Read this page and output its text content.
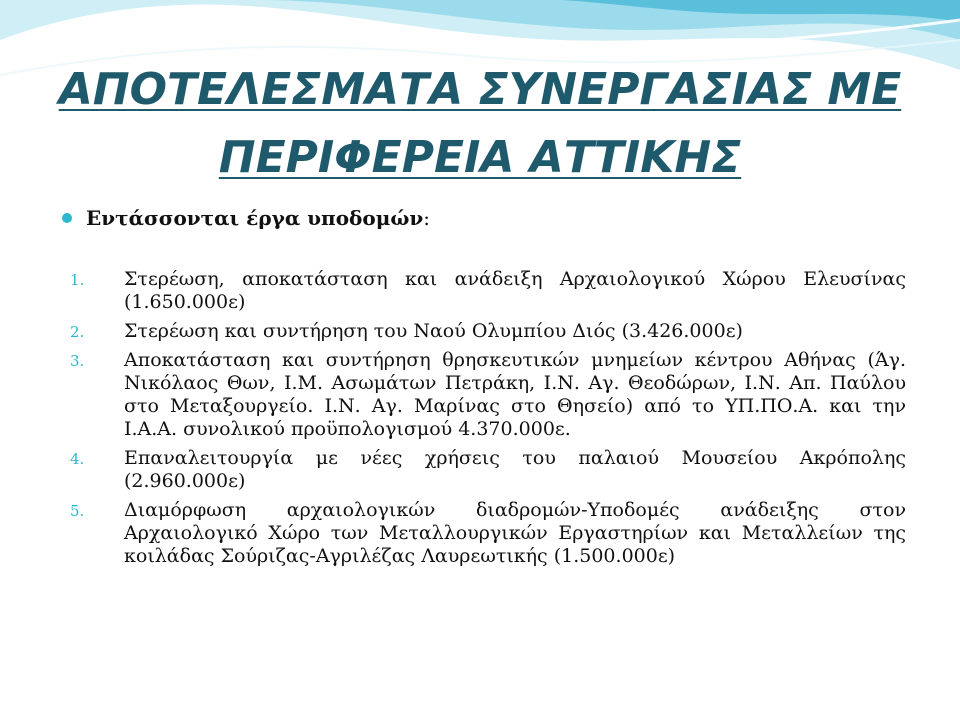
ΑΠΟΤΕΛΕΣΜΑΤΑ ΣΥΝΕΡΓΑΣΙΑΣ ΜΕ
ΠΕΡΙΦΕΡΕΙΑ ΑΤΤΙΚΗΣ
Εντάσσονται έργα υποδομών :
1.	Στερέωση, αποκατάσταση και ανάδειξη Αρχαιολογικού Χώρου Ελευσίνας (1.650.000ε)
2.	Στερέωση και συντήρηση του Ναού Ολυμπίου Διός (3.426.000ε)
3.	Αποκατάσταση και συντήρηση θρησκευτικών μνημείων κέντρου Αθήνας (Άγ. Νικόλαος Θων, Ι.Μ. Ασωμάτων Πετράκη, Ι.Ν. Αγ. Θεοδώρων, Ι.Ν. Απ. Παύλου στο Μεταξουργείο. Ι.Ν. Αγ. Μαρίνας στο Θησείο) από το ΥΠ.ΠΟ.Α. και την Ι.Α.Α. συνολικού προϋπολογισμού 4.370.000ε.
4.	Επαναλειτουργία με νέες χρήσεις του παλαιού Μουσείου Ακρόπολης (2.960.000ε)
5.	Διαμόρφωση αρχαιολογικών διαδρομών-Υποδομές ανάδειξης στον Αρχαιολογικό Χώρο των Μεταλλουργικών Εργαστηρίων και Μεταλλείων της κοιλάδας Σούριζας-Αγριλέζας Λαυρεωτικής (1.500.000ε)
